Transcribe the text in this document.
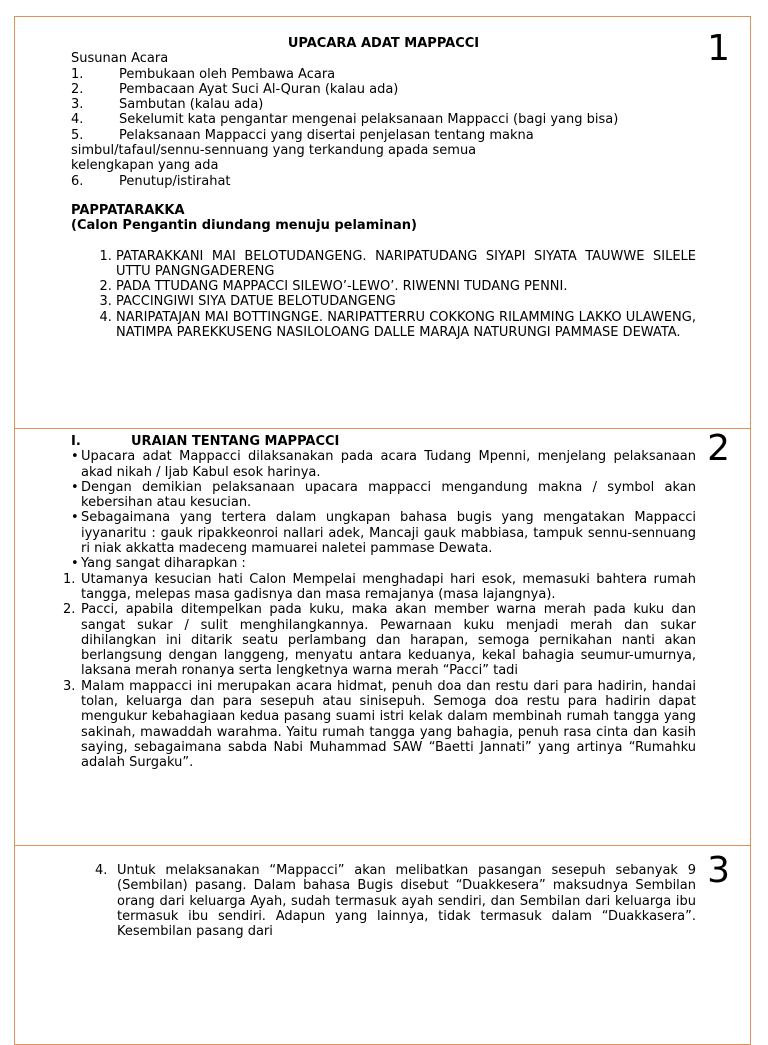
1
UPACARA ADAT MAPPACCI
Susunan Acara
1.	Pembukaan oleh Pembawa Acara
2.	Pembacaan Ayat Suci Al-Quran (kalau ada)
3.	Sambutan (kalau ada)
4.	Sekelumit kata pengantar mengenai pelaksanaan Mappacci (bagi yang bisa)
5.	Pelaksanaan Mappacci yang disertai penjelasan tentang makna
simbul/tafaul/sennu-sennuang yang terkandung apada semua
kelengkapan yang ada
6.	Penutup/istirahat
PAPPATARAKKA
(Calon Pengantin diundang menuju pelaminan)
1. PATARAKKANI MAI BELOTUDANGENG. NARIPATUDANG SIYAPI SIYATA TAUWWE SILELE UTTU PANGNGADERENG
2. PADA TTUDANG MAPPACCI SILEWO’-LEWO’. RIWENNI TUDANG PENNI.
3. PACCINGIWI SIYA DATUE BELOTUDANGENG
4. NARIPATAJAN MAI BOTTINGNGE. NARIPATTERRU COKKONG RILAMMING LAKKO ULAWENG, NATIMPA PAREKKUSENG NASILOLOANG DALLE MARAJA NATURUNGI PAMMASE DEWATA.
2
I.	URAIAN TENTANG MAPPACCI
• Upacara adat Mappacci dilaksanakan pada acara Tudang Mpenni, menjelang pelaksanaan akad nikah / Ijab Kabul esok harinya.
• Dengan demikian pelaksanaan upacara mappacci mengandung makna / symbol akan kebersihan atau kesucian.
• Sebagaimana yang tertera dalam ungkapan bahasa bugis yang mengatakan Mappacci iyyanaritu : gauk ripakkeonroi nallari adek, Mancaji gauk mabbiasa, tampuk sennu-sennuang ri niak akkatta madeceng mamuarei naletei pammase Dewata.
• Yang sangat diharapkan :
1. Utamanya kesucian hati Calon Mempelai menghadapi hari esok, memasuki bahtera rumah tangga, melepas masa gadisnya dan masa remajanya (masa lajangnya).
2. Pacci, apabila ditempelkan pada kuku, maka akan member warna merah pada kuku dan sangat sukar / sulit menghilangkannya. Pewarnaan kuku menjadi merah dan sukar dihilangkan ini ditarik seatu perlambang dan harapan, semoga pernikahan nanti akan berlangsung dengan langgeng, menyatu antara keduanya, kekal bahagia seumur-umurnya, laksana merah ronanya serta lengketnya warna merah “Pacci” tadi
3. Malam mappacci ini merupakan acara hidmat, penuh doa dan restu dari para hadirin, handai tolan, keluarga dan para sesepuh atau sinisepuh. Semoga doa restu para hadirin dapat mengukur kebahagiaan kedua pasang suami istri kelak dalam membinah rumah tangga yang sakinah, mawaddah warahma. Yaitu rumah tangga yang bahagia, penuh rasa cinta dan kasih saying, sebagaimana sabda Nabi Muhammad SAW “Baetti Jannati” yang artinya “Rumahku adalah Surgaku”.
3
4. Untuk melaksanakan “Mappacci” akan melibatkan pasangan sesepuh sebanyak 9 (Sembilan) pasang. Dalam bahasa Bugis disebut “Duakkesera” maksudnya Sembilan orang dari keluarga Ayah, sudah termasuk ayah sendiri, dan Sembilan dari keluarga ibu termasuk ibu sendiri. Adapun yang lainnya, tidak termasuk dalam “Duakkasera”. Kesembilan pasang dari
